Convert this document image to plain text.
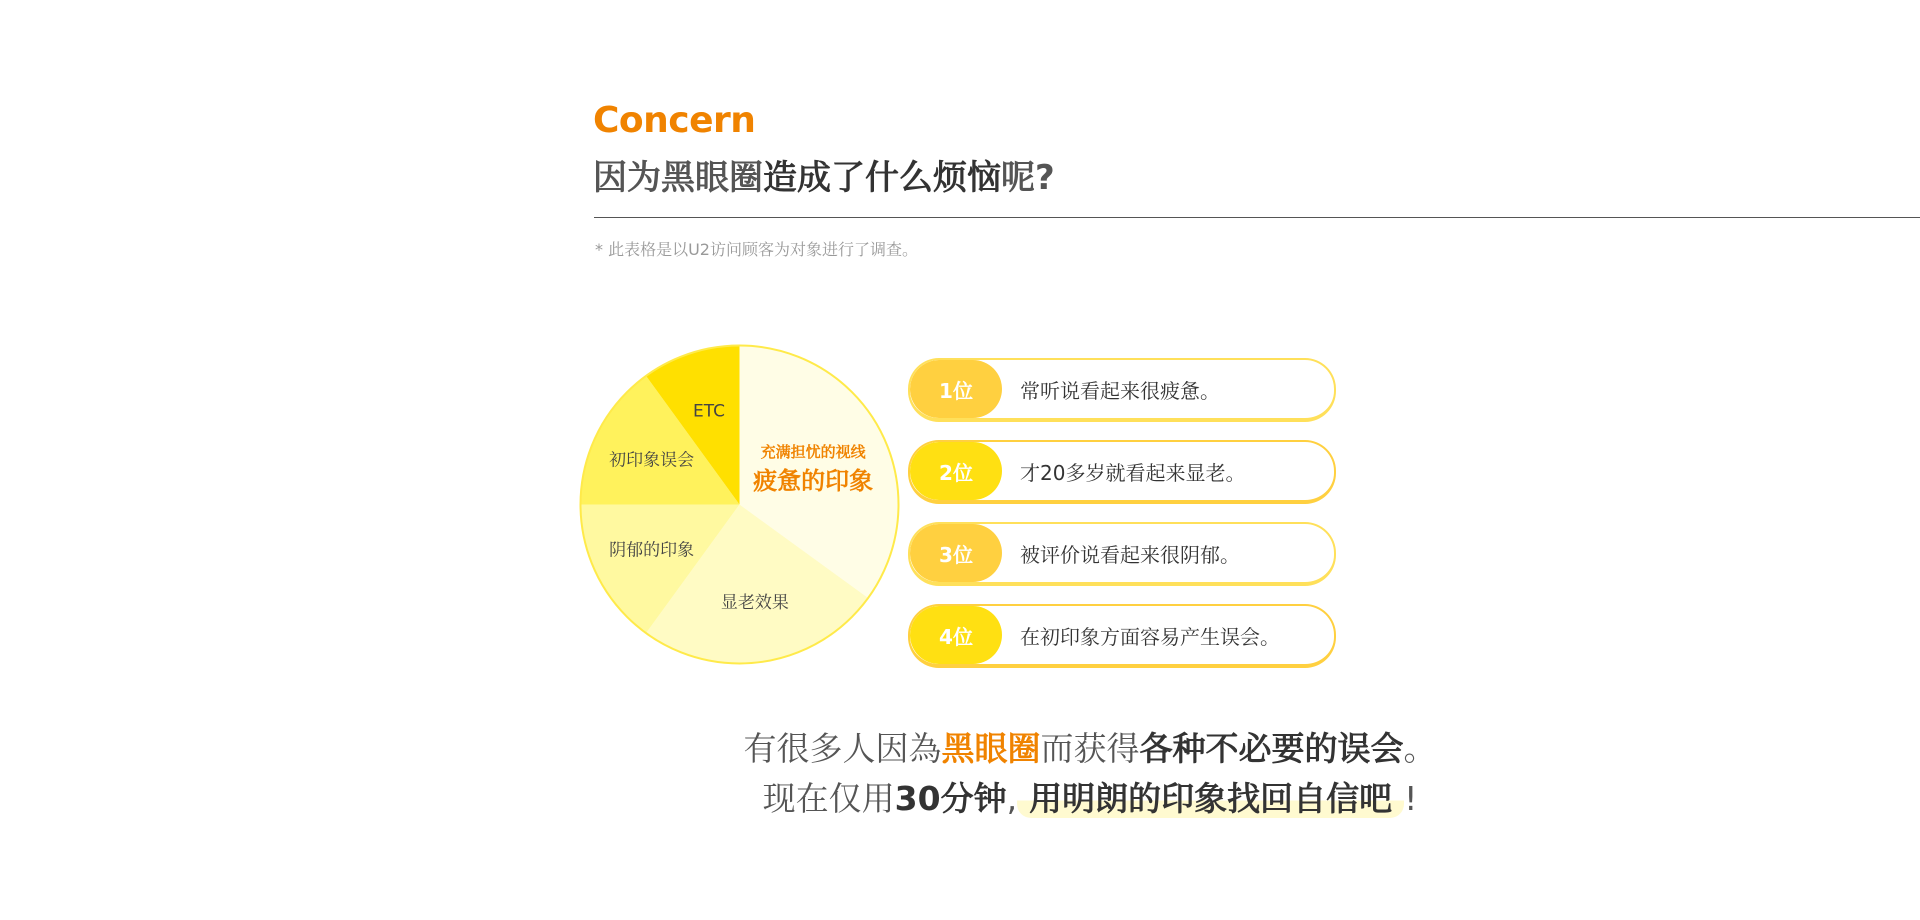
Concern
因为黑眼圈造成了什么烦恼呢?

* 此表格是以U2访问顾客为对象进行了调查。

充满担忧的视线
疲惫的印象
显老效果
阴郁的印象
初印象误会
ETC
1位	常听说看起来很疲惫。
2位	才20多岁就看起来显老。
3位	被评价说看起来很阴郁。
4位	在初印象方面容易产生误会。
有很多人因為黑眼圈而获得各种不必要的误会。
现在仅用30分钟, 用明朗的印象找回自信吧 !
